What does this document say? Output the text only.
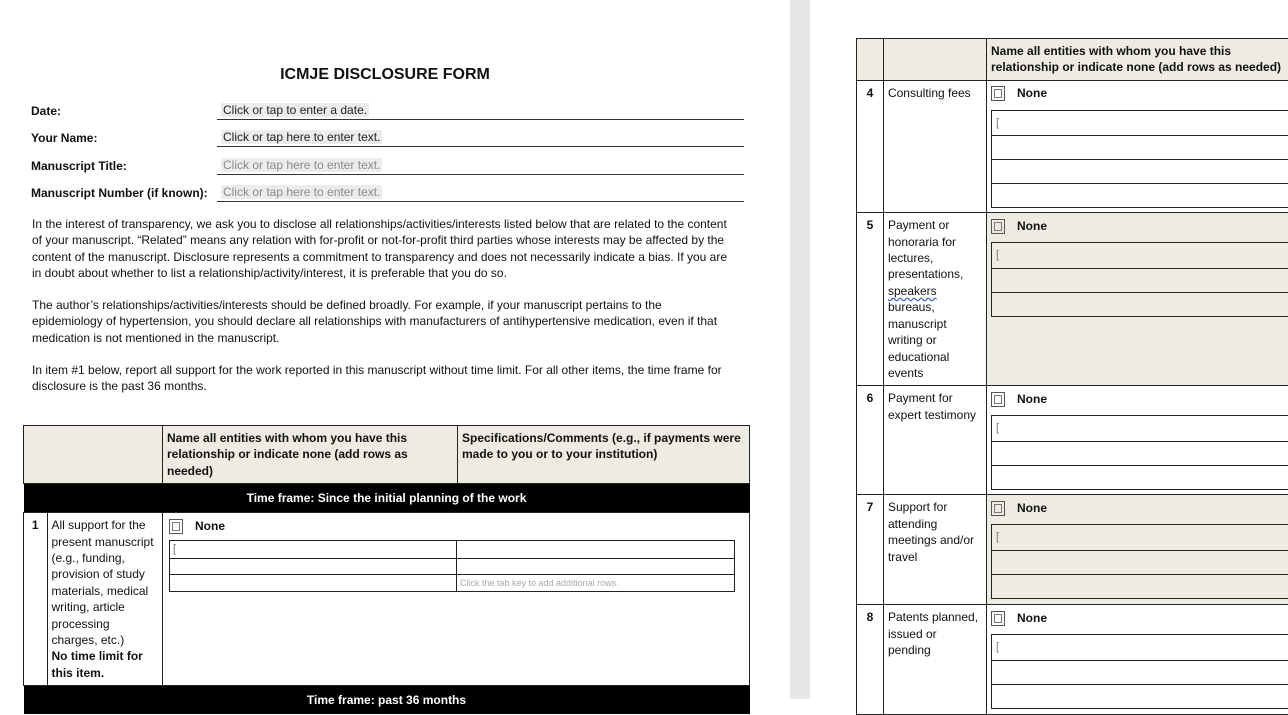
ICMJE DISCLOSURE FORM
Date:	Click or tap to enter a date.
Your Name:	Click or tap here to enter text.
Manuscript Title:	Click or tap here to enter text.
Manuscript Number (if known): Click or tap here to enter text.
In the interest of transparency, we ask you to disclose all relationships/activities/interests listed below that are related to the content of your manuscript. “Related” means any relation with for-profit or not-for-profit third parties whose interests may be affected by the content of the manuscript. Disclosure represents a commitment to transparency and does not necessarily indicate a bias. If you are in doubt about whether to list a relationship/activity/interest, it is preferable that you do so.
The author’s relationships/activities/interests should be defined broadly. For example, if your manuscript pertains to the epidemiology of hypertension, you should declare all relationships with manufacturers of antihypertensive medication, even if that medication is not mentioned in the manuscript.
In item #1 below, report all support for the work reported in this manuscript without time limit. For all other items, the time frame for disclosure is the past 36 months.
		Name all entities with whom you have this relationship or indicate none (add rows as needed)	Specifications/Comments (e.g., if payments were made to you or to your institution)
Time frame: Since the initial planning of the work
1	All support for the present manuscript (e.g., funding, provision of study materials, medical writing, article processing charges, etc.)
No time limit for this item.
	None
[	

	Click the tab key to add additional rows.

Time frame: past 36 months

Name all entities with whom you have this relationship or indicate none (add rows as needed)

4	Consulting fees	None
[

5	Payment or honoraria for lectures, presentations, speakers bureaus, manuscript writing or educational events	None
[

6	Payment for expert testimony	None
[

7	Support for attending meetings and/or travel	None
[

8	Patents planned, issued or pending	None
[
